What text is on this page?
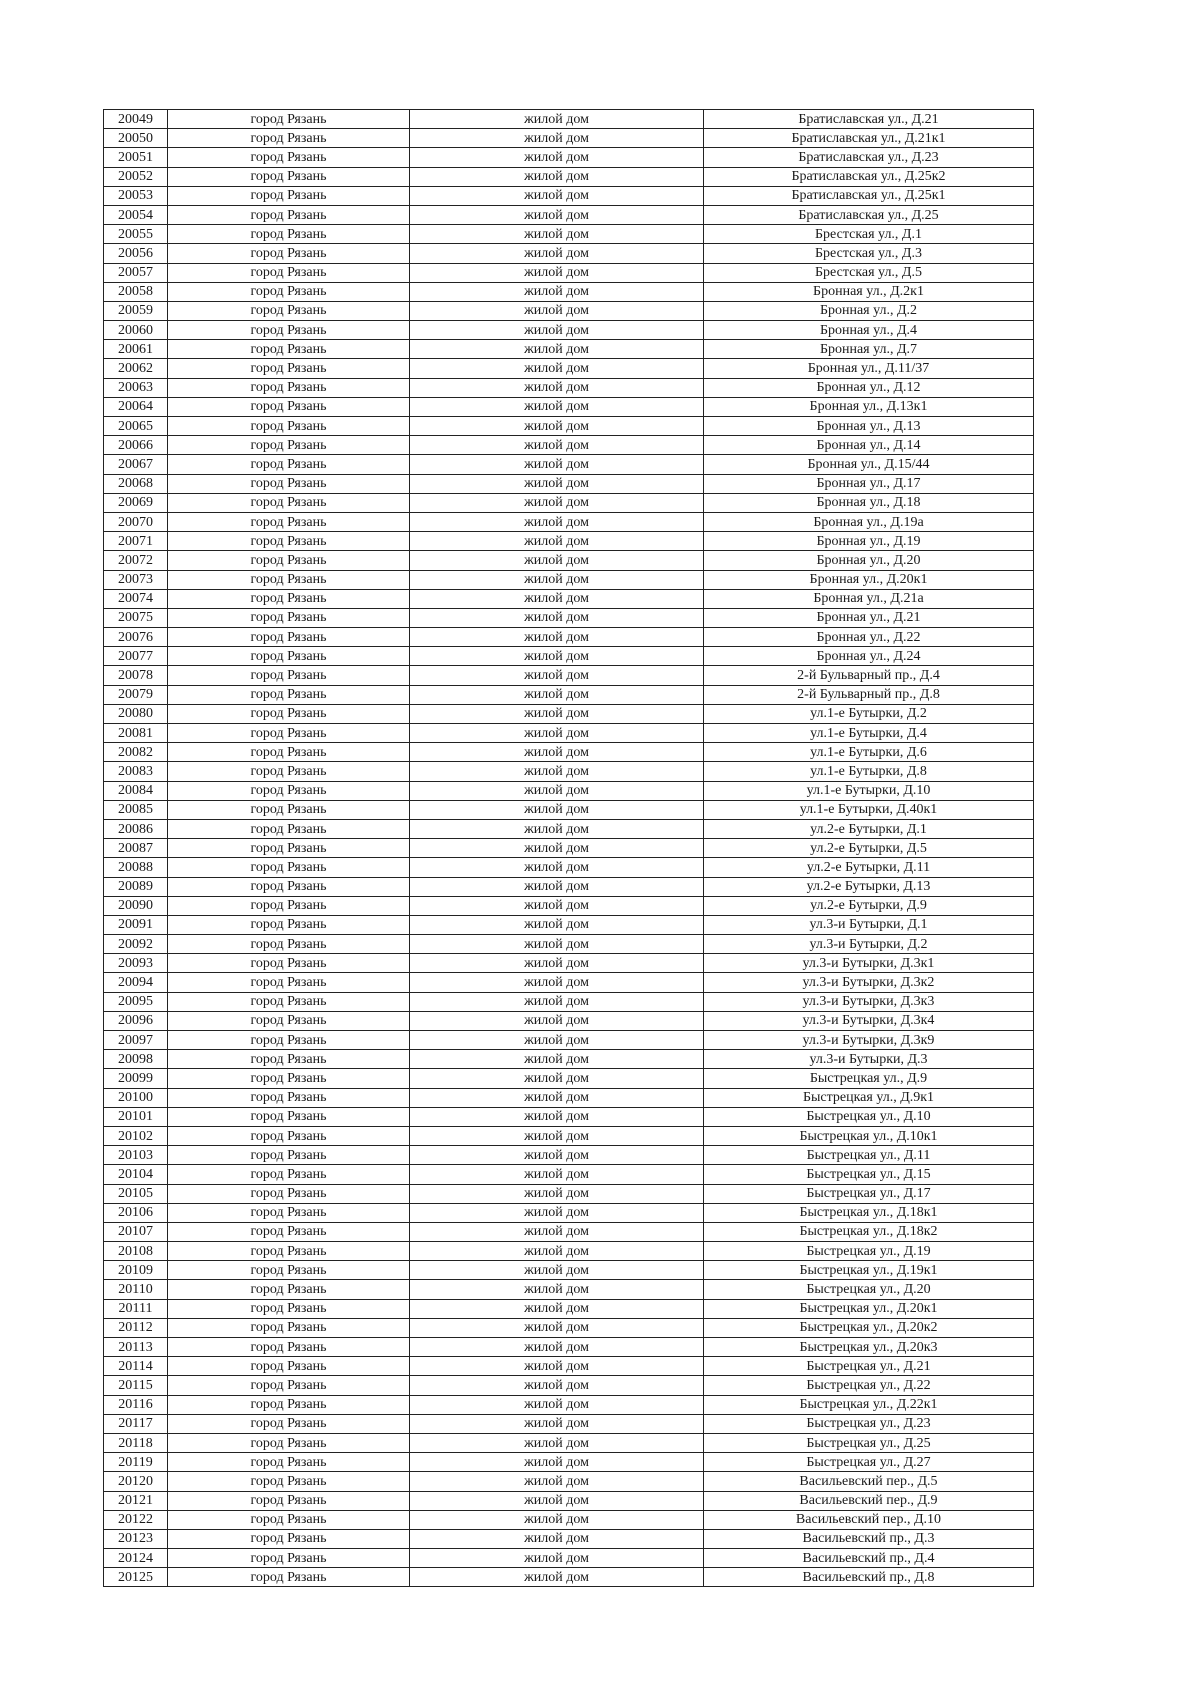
20049	город Рязань	жилой дом	Братиславская ул., Д.21
20050	город Рязань	жилой дом	Братиславская ул., Д.21к1
20051	город Рязань	жилой дом	Братиславская ул., Д.23
20052	город Рязань	жилой дом	Братиславская ул., Д.25к2
20053	город Рязань	жилой дом	Братиславская ул., Д.25к1
20054	город Рязань	жилой дом	Братиславская ул., Д.25
20055	город Рязань	жилой дом	Брестская ул., Д.1
20056	город Рязань	жилой дом	Брестская ул., Д.3
20057	город Рязань	жилой дом	Брестская ул., Д.5
20058	город Рязань	жилой дом	Бронная ул., Д.2к1
20059	город Рязань	жилой дом	Бронная ул., Д.2
20060	город Рязань	жилой дом	Бронная ул., Д.4
20061	город Рязань	жилой дом	Бронная ул., Д.7
20062	город Рязань	жилой дом	Бронная ул., Д.11/37
20063	город Рязань	жилой дом	Бронная ул., Д.12
20064	город Рязань	жилой дом	Бронная ул., Д.13к1
20065	город Рязань	жилой дом	Бронная ул., Д.13
20066	город Рязань	жилой дом	Бронная ул., Д.14
20067	город Рязань	жилой дом	Бронная ул., Д.15/44
20068	город Рязань	жилой дом	Бронная ул., Д.17
20069	город Рязань	жилой дом	Бронная ул., Д.18
20070	город Рязань	жилой дом	Бронная ул., Д.19а
20071	город Рязань	жилой дом	Бронная ул., Д.19
20072	город Рязань	жилой дом	Бронная ул., Д.20
20073	город Рязань	жилой дом	Бронная ул., Д.20к1
20074	город Рязань	жилой дом	Бронная ул., Д.21а
20075	город Рязань	жилой дом	Бронная ул., Д.21
20076	город Рязань	жилой дом	Бронная ул., Д.22
20077	город Рязань	жилой дом	Бронная ул., Д.24
20078	город Рязань	жилой дом	2-й Бульварный пр., Д.4
20079	город Рязань	жилой дом	2-й Бульварный пр., Д.8
20080	город Рязань	жилой дом	ул.1-е Бутырки, Д.2
20081	город Рязань	жилой дом	ул.1-е Бутырки, Д.4
20082	город Рязань	жилой дом	ул.1-е Бутырки, Д.6
20083	город Рязань	жилой дом	ул.1-е Бутырки, Д.8
20084	город Рязань	жилой дом	ул.1-е Бутырки, Д.10
20085	город Рязань	жилой дом	ул.1-е Бутырки, Д.40к1
20086	город Рязань	жилой дом	ул.2-е Бутырки, Д.1
20087	город Рязань	жилой дом	ул.2-е Бутырки, Д.5
20088	город Рязань	жилой дом	ул.2-е Бутырки, Д.11
20089	город Рязань	жилой дом	ул.2-е Бутырки, Д.13
20090	город Рязань	жилой дом	ул.2-е Бутырки, Д.9
20091	город Рязань	жилой дом	ул.3-и Бутырки, Д.1
20092	город Рязань	жилой дом	ул.3-и Бутырки, Д.2
20093	город Рязань	жилой дом	ул.3-и Бутырки, Д.3к1
20094	город Рязань	жилой дом	ул.3-и Бутырки, Д.3к2
20095	город Рязань	жилой дом	ул.3-и Бутырки, Д.3к3
20096	город Рязань	жилой дом	ул.3-и Бутырки, Д.3к4
20097	город Рязань	жилой дом	ул.3-и Бутырки, Д.3к9
20098	город Рязань	жилой дом	ул.3-и Бутырки, Д.3
20099	город Рязань	жилой дом	Быстрецкая ул., Д.9
20100	город Рязань	жилой дом	Быстрецкая ул., Д.9к1
20101	город Рязань	жилой дом	Быстрецкая ул., Д.10
20102	город Рязань	жилой дом	Быстрецкая ул., Д.10к1
20103	город Рязань	жилой дом	Быстрецкая ул., Д.11
20104	город Рязань	жилой дом	Быстрецкая ул., Д.15
20105	город Рязань	жилой дом	Быстрецкая ул., Д.17
20106	город Рязань	жилой дом	Быстрецкая ул., Д.18к1
20107	город Рязань	жилой дом	Быстрецкая ул., Д.18к2
20108	город Рязань	жилой дом	Быстрецкая ул., Д.19
20109	город Рязань	жилой дом	Быстрецкая ул., Д.19к1
20110	город Рязань	жилой дом	Быстрецкая ул., Д.20
20111	город Рязань	жилой дом	Быстрецкая ул., Д.20к1
20112	город Рязань	жилой дом	Быстрецкая ул., Д.20к2
20113	город Рязань	жилой дом	Быстрецкая ул., Д.20к3
20114	город Рязань	жилой дом	Быстрецкая ул., Д.21
20115	город Рязань	жилой дом	Быстрецкая ул., Д.22
20116	город Рязань	жилой дом	Быстрецкая ул., Д.22к1
20117	город Рязань	жилой дом	Быстрецкая ул., Д.23
20118	город Рязань	жилой дом	Быстрецкая ул., Д.25
20119	город Рязань	жилой дом	Быстрецкая ул., Д.27
20120	город Рязань	жилой дом	Васильевский пер., Д.5
20121	город Рязань	жилой дом	Васильевский пер., Д.9
20122	город Рязань	жилой дом	Васильевский пер., Д.10
20123	город Рязань	жилой дом	Васильевский пр., Д.3
20124	город Рязань	жилой дом	Васильевский пр., Д.4
20125	город Рязань	жилой дом	Васильевский пр., Д.8
